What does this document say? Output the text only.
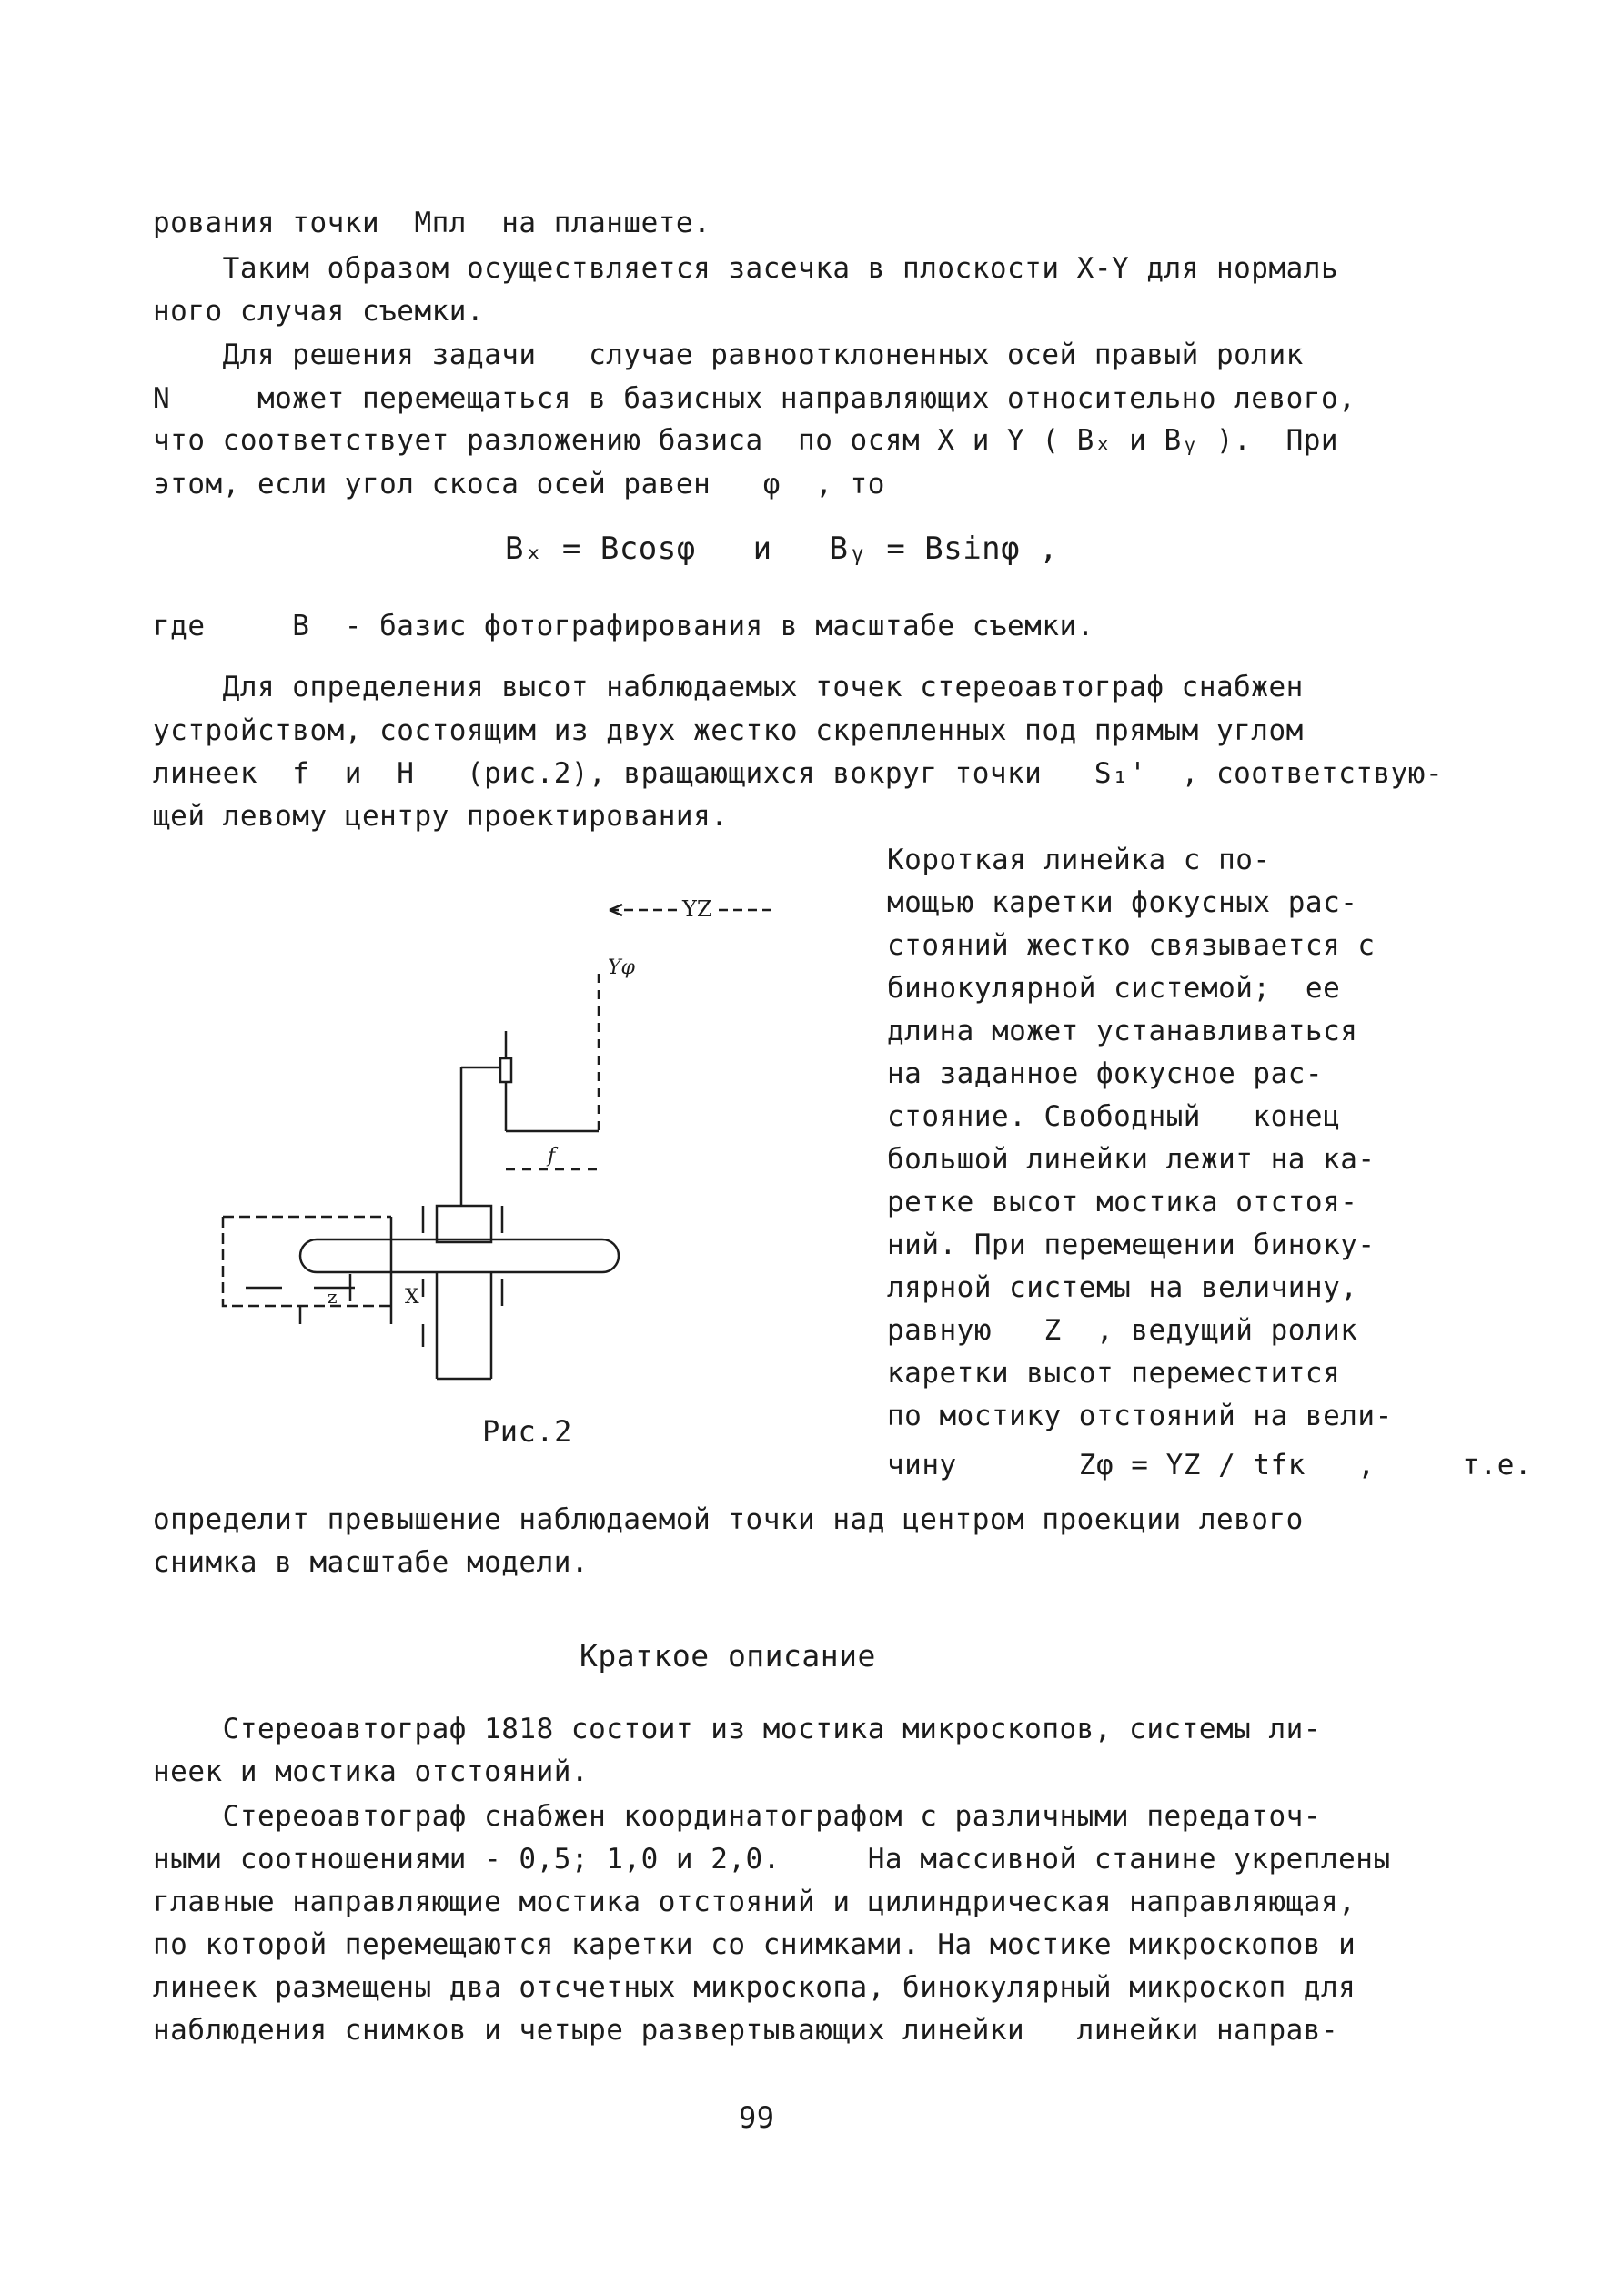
рования точки  Mпл  на планшете.
Таким образом осуществляется засечка в плоскости X-Y для нормаль
ного случая съемки.
Для решения задачи   случае равноотклоненных осей правый ролик
N     может перемещаться в базисных направляющих относительно левого,
что соответствует разложению базиса  по осям X и Y ( Bₓ и Bᵧ ).  При
этом, если угол скоса осей равен   φ  , то
Bₓ = Bcosφ   и   Bᵧ = Bsinφ ,
где     B  - базис фотографирования в масштабе съемки.
Для определения высот наблюдаемых точек стереоавтограф снабжен
устройством, состоящим из двух жестко скрепленных под прямым углом
линеек  f  и  H   (рис.2), вращающихся вокруг точки   S₁'  , соответствую-
щей левому центру проектирования.
Короткая линейка с по-
мощью каретки фокусных рас-
стояний жестко связывается с
бинокулярной системой;  ее
длина может устанавливаться
на заданное фокусное рас-
стояние. Свободный   конец
большой линейки лежит на ка-
ретке высот мостика отстоя-
ний. При перемещении биноку-
лярной системы на величину,
равную   Z  , ведущий ролик
каретки высот переместится
по мостику отстояний на вели-
чину       Zφ = YZ / tfк   ,     т.е.
YZ
Yφ
f
X
z
Рис.2
определит превышение наблюдаемой точки над центром проекции левого
снимка в масштабе модели.
Краткое описание
Стереоавтограф 1818 состоит из мостика микроскопов, системы ли-
неек и мостика отстояний.
Стереоавтограф снабжен координатографом с различными передаточ-
ными соотношениями - 0,5; 1,0 и 2,0.     На массивной станине укреплены
главные направляющие мостика отстояний и цилиндрическая направляющая,
по которой перемещаются каретки со снимками. На мостике микроскопов и
линеек размещены два отсчетных микроскопа, бинокулярный микроскоп для
наблюдения снимков и четыре развертывающих линейки   линейки направ-
99
